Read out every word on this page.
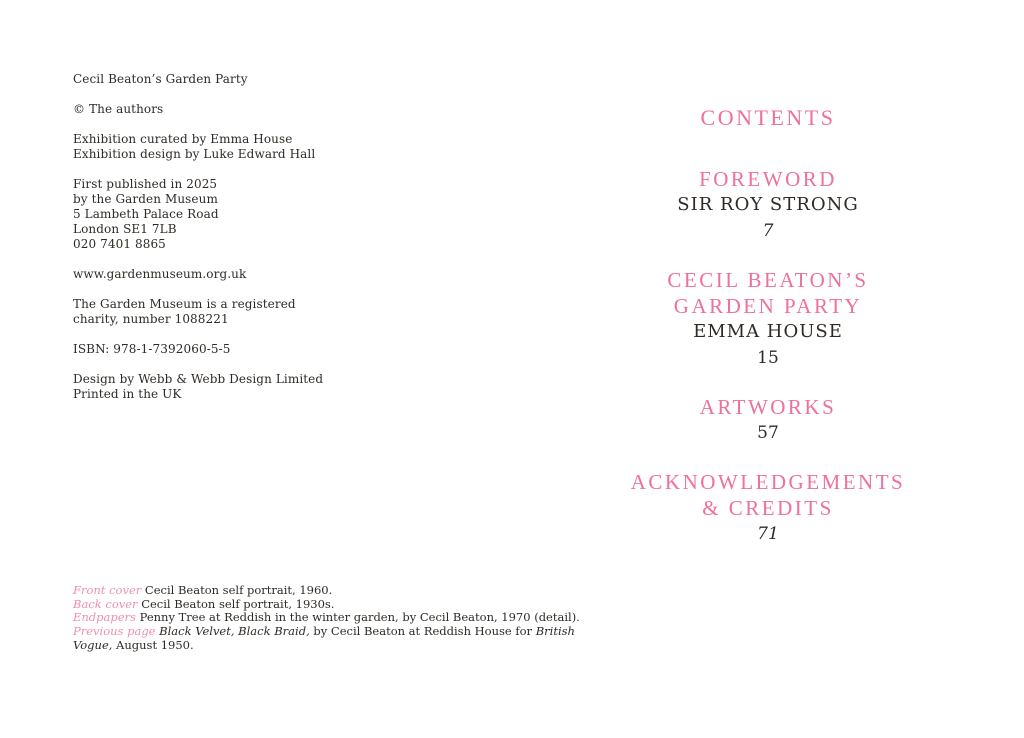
Cecil Beaton’s Garden Party
© The authors
Exhibition curated by Emma House
Exhibition design by Luke Edward Hall
First published in 2025
by the Garden Museum
5 Lambeth Palace Road
London SE1 7LB
020 7401 8865
www.gardenmuseum.org.uk
The Garden Museum is a registered
charity, number 1088221
ISBN: 978-1-7392060-5-5
Design by Webb & Webb Design Limited
Printed in the UK
Front cover Cecil Beaton self portrait, 1960.
Back cover Cecil Beaton self portrait, 1930s.
Endpapers Penny Tree at Reddish in the winter garden, by Cecil Beaton, 1970 (detail).
Previous page Black Velvet, Black Braid, by Cecil Beaton at Reddish House for British
Vogue, August 1950.
CONTENTS
FOREWORD
SIR ROY STRONG
7
CECIL BEATON’S
GARDEN PARTY
EMMA HOUSE
15
ARTWORKS
57
ACKNOWLEDGEMENTS
& CREDITS
71
